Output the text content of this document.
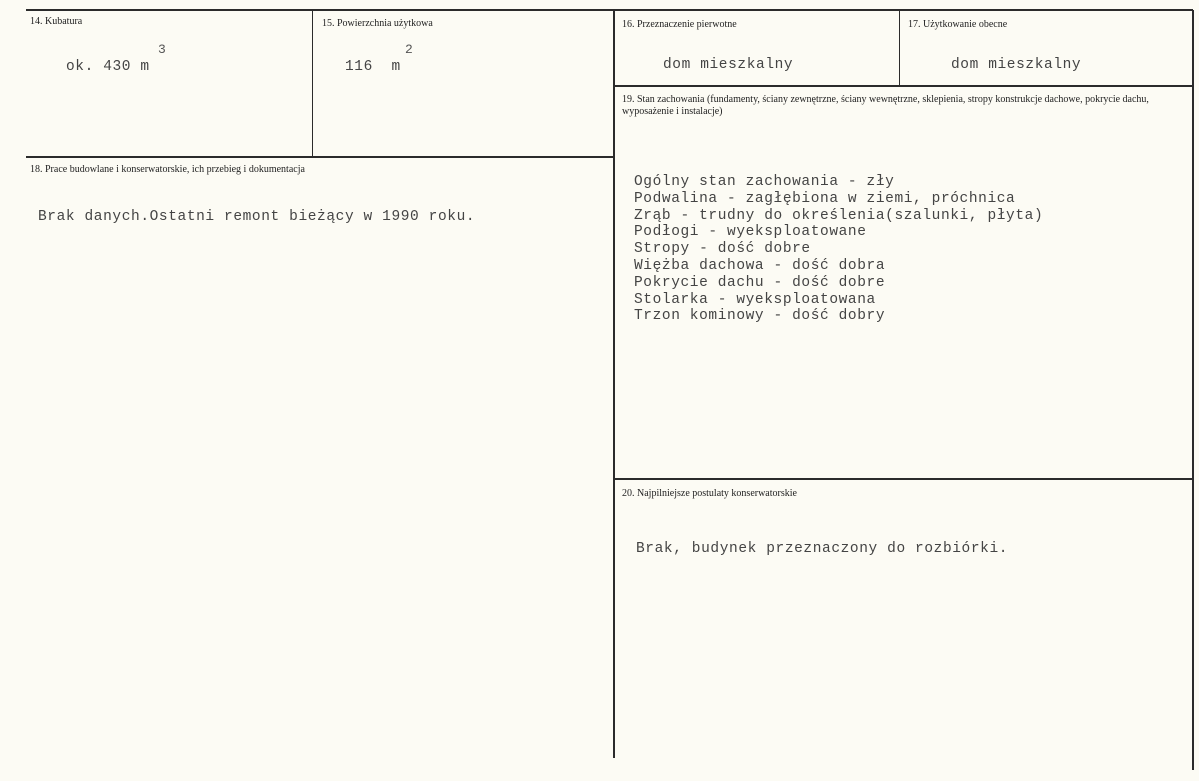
14. Kubatura
3
ok. 430 m
15. Powierzchnia użytkowa
2
116  m
16. Przeznaczenie pierwotne
dom mieszkalny
17. Użytkowanie obecne
dom mieszkalny
18. Prace budowlane i konserwatorskie, ich przebieg i dokumentacja
Brak danych.Ostatni remont bieżący w 1990 roku.
19. Stan zachowania (fundamenty, ściany zewnętrzne, ściany wewnętrzne, sklepienia, stropy konstrukcje dachowe, pokrycie dachu, wyposażenie i instalacje)
Ogólny stan zachowania - zły
Podwalina - zagłębiona w ziemi, próchnica
Zrąb - trudny do określenia(szalunki, płyta)
Podłogi - wyeksploatowane
Stropy - dość dobre
Więżba dachowa - dość dobra
Pokrycie dachu - dość dobre
Stolarka - wyeksploatowana
Trzon kominowy - dość dobry
20. Najpilniejsze postulaty konserwatorskie
Brak, budynek przeznaczony do rozbiórki.
